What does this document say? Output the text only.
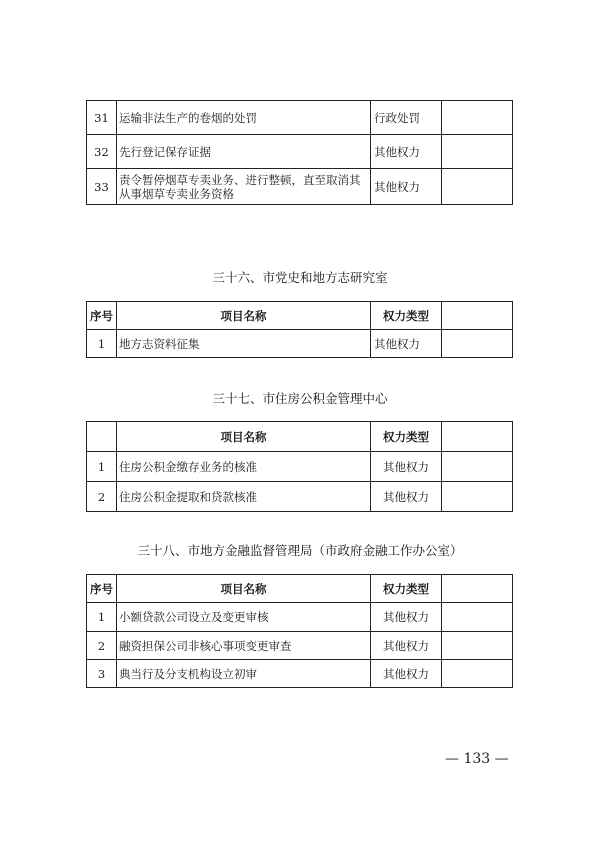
31	运输非法生产的卷烟的处罚	行政处罚	
32	先行登记保存证据	其他权力	
33	责令暂停烟草专卖业务、进行整顿，直至取消其从事烟草专卖业务资格	其他权力	
三十六、市党史和地方志研究室
序号	项目名称	权力类型	
1	地方志资料征集	其他权力	
三十七、市住房公积金管理中心
	项目名称	权力类型	
1	住房公积金缴存业务的核准	其他权力	
2	住房公积金提取和贷款核准	其他权力	
三十八、市地方金融监督管理局（市政府金融工作办公室）
序号	项目名称	权力类型	
1	小额贷款公司设立及变更审核	其他权力	
2	融资担保公司非核心事项变更审查	其他权力	
3	典当行及分支机构设立初审	其他权力	
— 133 —
